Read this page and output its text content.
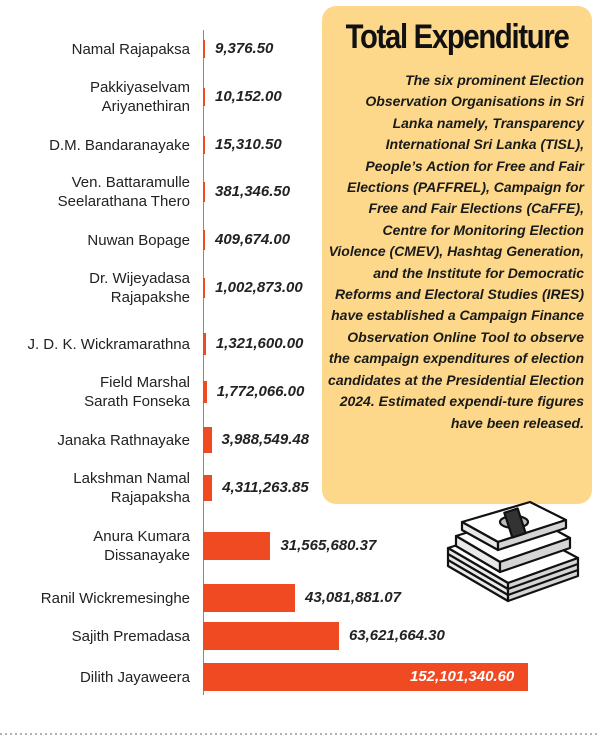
Total Expenditure
The six prominent Election Observation Organisations in Sri Lanka namely, Transparency International Sri Lanka (TISL), People’s Action for Free and Fair Elections (PAFFREL), Campaign for Free and Fair Elections (CaFFE), Centre for Monitoring Election Violence (CMEV), Hashtag Generation, and the Institute for Democratic Reforms and Electoral Studies (IRES) have established a Campaign Finance Observation Online Tool to observe the campaign expenditures of election candidates at the Presidential Election 2024. Estimated expendi-ture figures have been released.
Namal Rajapaksa 9,376.50
Pakkiyaselvam
Ariyanethiran
10,152.00
D.M. Bandaranayake 15,310.50
Ven. Battaramulle
Seelarathana Thero
381,346.50
Nuwan Bopage 409,674.00
Dr. Wijeyadasa
Rajapakshe
1,002,873.00
J. D. K. Wickramarathna 1,321,600.00
Field Marshal
Sarath Fonseka
1,772,066.00
Janaka Rathnayake 3,988,549.48
Lakshman Namal
Rajapaksha
4,311,263.85
Anura Kumara
Dissanayake
31,565,680.37
Ranil Wickremesinghe	43,081,881.07
Sajith Premadasa	63,621,664.30
Dilith Jayaweera	152,101,340.60
